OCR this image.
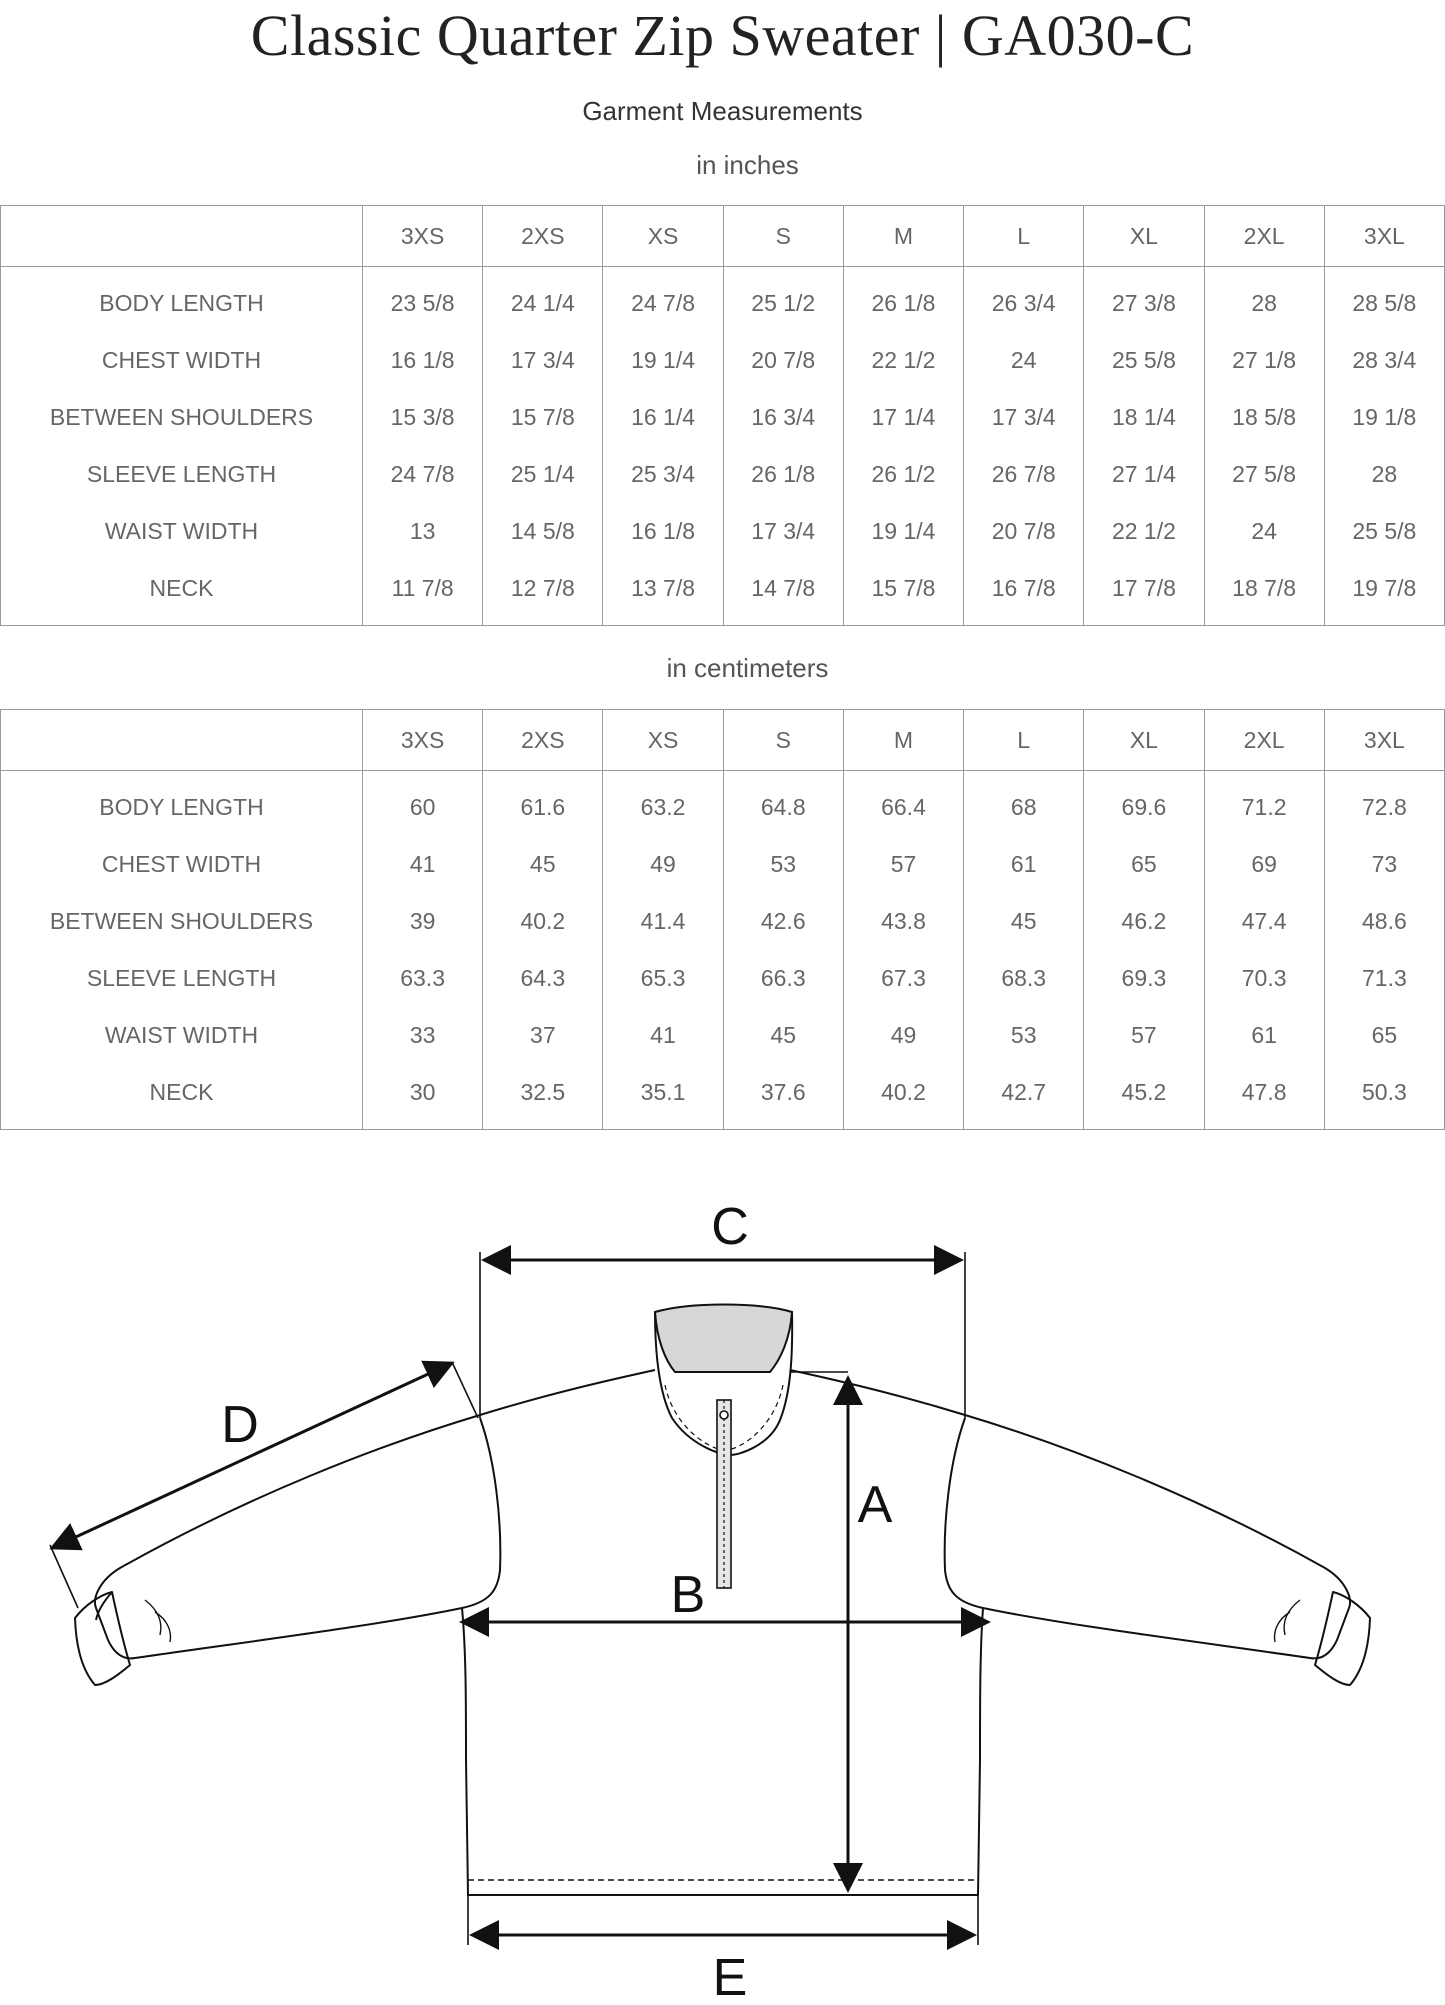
Classic Quarter Zip Sweater | GA030-C
Garment Measurements
in inches
	3XS	2XS	XS	S	M	L	XL	2XL	3XL
BODY LENGTH	23 5/8	24 1/4	24 7/8	25 1/2	26 1/8	26 3/4	27 3/8	28	28 5/8
CHEST WIDTH	16 1/8	17 3/4	19 1/4	20 7/8	22 1/2	24	25 5/8	27 1/8	28 3/4
BETWEEN SHOULDERS	15 3/8	15 7/8	16 1/4	16 3/4	17 1/4	17 3/4	18 1/4	18 5/8	19 1/8
SLEEVE LENGTH	24 7/8	25 1/4	25 3/4	26 1/8	26 1/2	26 7/8	27 1/4	27 5/8	28
WAIST WIDTH	13	14 5/8	16 1/8	17 3/4	19 1/4	20 7/8	22 1/2	24	25 5/8
NECK	11 7/8	12 7/8	13 7/8	14 7/8	15 7/8	16 7/8	17 7/8	18 7/8	19 7/8
in centimeters
	3XS	2XS	XS	S	M	L	XL	2XL	3XL
BODY LENGTH	60	61.6	63.2	64.8	66.4	68	69.6	71.2	72.8
CHEST WIDTH	41	45	49	53	57	61	65	69	73
BETWEEN SHOULDERS	39	40.2	41.4	42.6	43.8	45	46.2	47.4	48.6
SLEEVE LENGTH	63.3	64.3	65.3	66.3	67.3	68.3	69.3	70.3	71.3
WAIST WIDTH	33	37	41	45	49	53	57	61	65
NECK	30	32.5	35.1	37.6	40.2	42.7	45.2	47.8	50.3
C
A
B
D
E
